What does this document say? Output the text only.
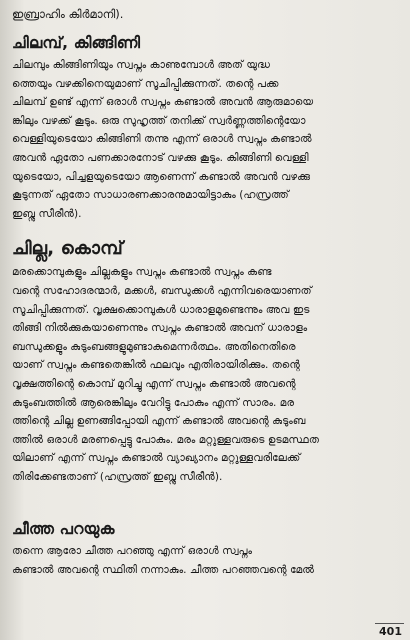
ഇബ്രാഹിം കിർമാനി).
ചിലമ്പ്, കിങ്ങിണി
ചിലമ്പും കിങ്ങിണിയും സ്വപ്നം കാണുമ്പോൾ അത് യുദ്ധ
ത്തെയും വഴക്കിനെയുമാണ് സൂചിപ്പിക്കുന്നത്. തന്റെ പക്ക
ചിലമ്പ് ഉണ്ട് എന്ന് ഒരാൾ സ്വപ്നം കണ്ടാൽ അവൻ ആരുമായെ
ങ്കിലും വഴക്ക് കൂടും. ഒരു സുഹൃത്ത് തനിക്ക് സ്വർണ്ണത്തിന്റെയോ
വെള്ളിയുടെയോ കിങ്ങിണി തന്നു എന്ന് ഒരാൾ സ്വപ്നം കണ്ടാൽ
അവൻ ഏതോ പണക്കാരനോട് വഴക്കു കൂടും. കിങ്ങിണി വെള്ളി
യുടെയോ, പിച്ചളയുടെയോ ആണെന്ന് കണ്ടാൽ അവൻ വഴക്കു
കൂടുന്നത് ഏതോ സാധാരണക്കാരനുമായിട്ടാകും (ഹസ്രത്ത്
ഇബ്നു സീരീൻ).
ചില്ല, കൊമ്പ്
മരക്കൊമ്പുകളും ചില്ലകളും സ്വപ്നം കണ്ടാൽ സ്വപ്നം കണ്ട
വന്റെ സഹോദരന്മാർ, മക്കൾ, ബന്ധുക്കൾ എന്നിവരെയാണത്
സൂചിപ്പിക്കുന്നത്. വൃക്ഷക്കൊമ്പുകൾ ധാരാളമുണ്ടെന്നും അവ ഇട
തിങ്ങി നിൽക്കുകയാണെന്നും സ്വപ്നം കണ്ടാൽ അവന് ധാരാളം
ബന്ധുക്കളും കുടുംബങ്ങളുമുണ്ടാകുമെന്നർത്ഥം. അതിനെതിരെ
യാണ് സ്വപ്നം കണ്ടതെങ്കിൽ ഫലവും എതിരായിരിക്കും. തന്റെ
വൃക്ഷത്തിന്റെ കൊമ്പ് മുറിച്ചു എന്ന് സ്വപ്നം കണ്ടാൽ അവന്റെ
കുടുംബത്തിൽ ആരെങ്കിലും വേറിട്ടു പോകും എന്ന് സാരം. മര
ത്തിന്റെ ചില്ല ഉണങ്ങിപ്പോയി എന്ന് കണ്ടാൽ അവന്റെ കുടുംബ
ത്തിൽ ഒരാൾ മരണപ്പെട്ടു പോകും. മരം മറ്റുള്ളവരുടെ ഉടമസ്ഥത
യിലാണ് എന്ന് സ്വപ്നം കണ്ടാൽ വ്യാഖ്യാനം മറ്റുള്ളവരിലേക്ക്
തിരിക്കേണ്ടതാണ് (ഹസ്രത്ത് ഇബ്നു സീരീൻ).
ചീത്ത പറയുക
തന്നെ ആരോ ചീത്ത പറഞ്ഞു എന്ന് ഒരാൾ സ്വപ്നം
കണ്ടാൽ അവന്റെ സ്ഥിതി നന്നാകും. ചീത്ത പറഞ്ഞവന്റെ മേൽ
401
